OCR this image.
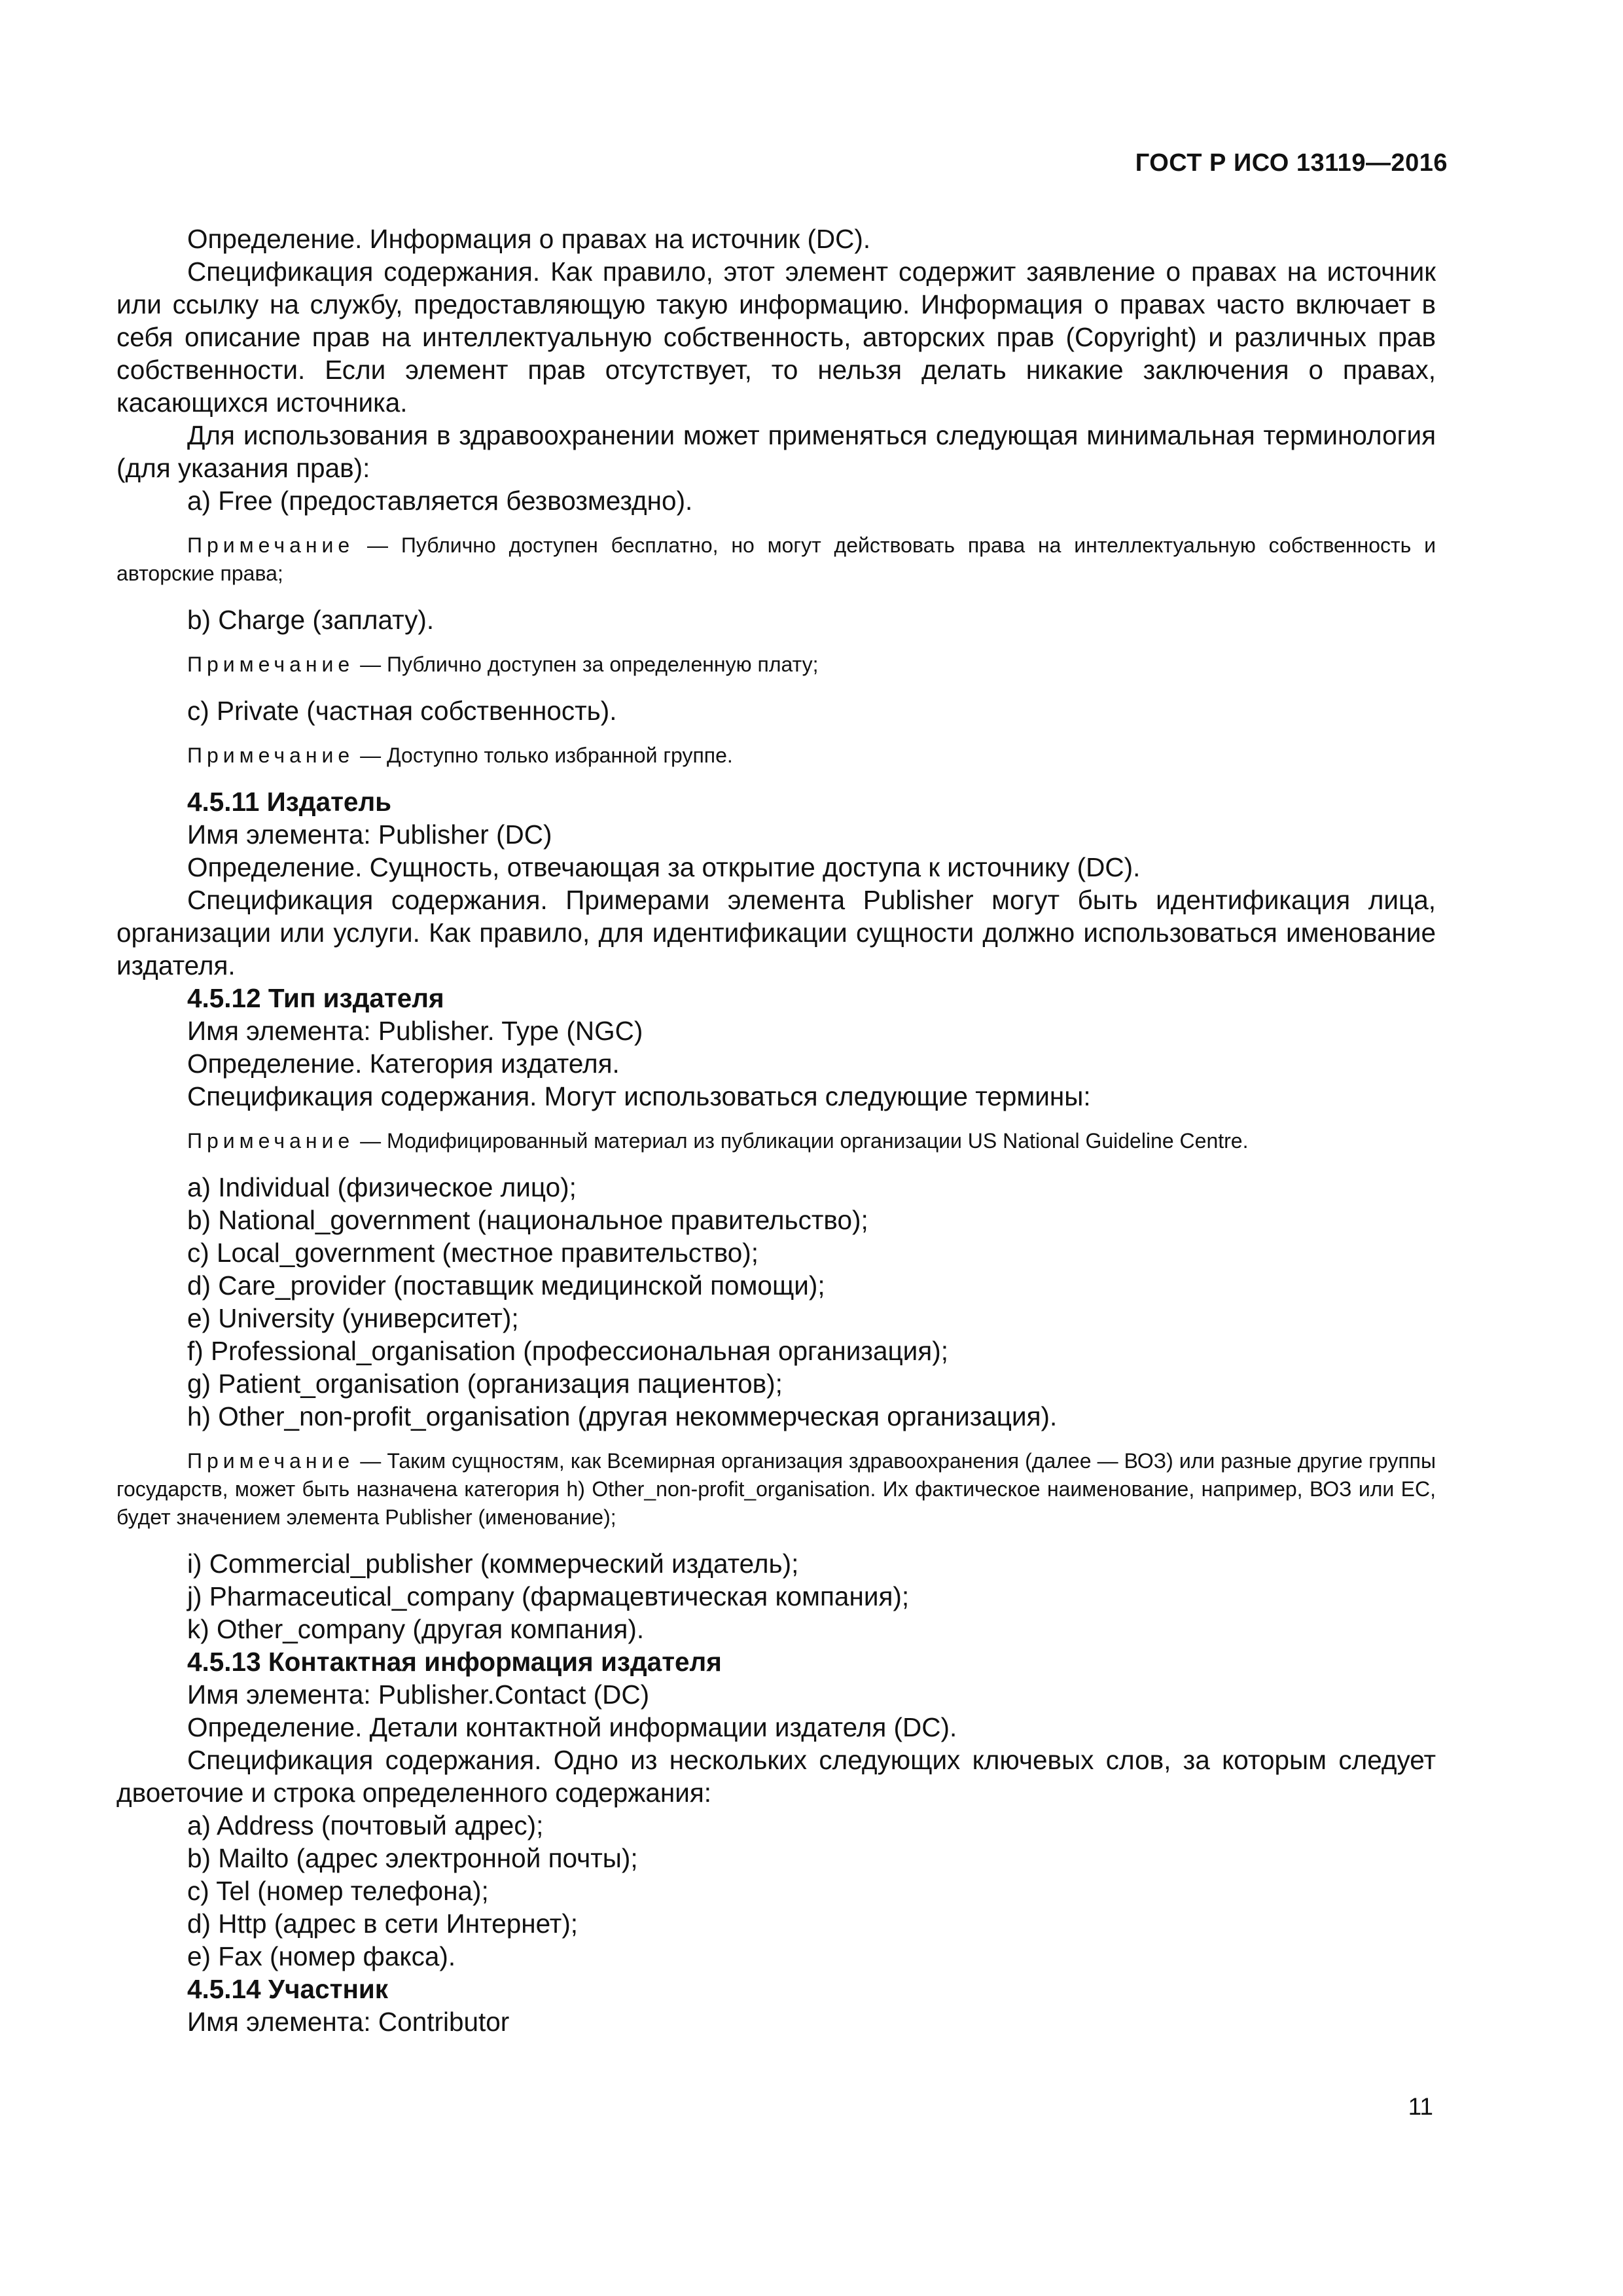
ГОСТ Р ИСО 13119—2016

Определение. Информация о правах на источник (DC).

Спецификация содержания. Как правило, этот элемент содержит заявление о правах на источник или ссылку на службу, предоставляющую такую информацию. Информация о правах часто включает в себя описание прав на интеллектуальную собственность, авторских прав (Copyright) и различных прав собственности. Если элемент прав отсутствует, то нельзя делать никакие заключения о правах, касающихся источника.

Для использования в здравоохранении может применяться следующая минимальная терминология (для указания прав):

a) Free (предоставляется безвозмездно).

Примечание — Публично доступен бесплатно, но могут действовать права на интеллектуальную собственность и авторские права;

b) Charge (заплату).

Примечание — Публично доступен за определенную плату;

c) Private (частная собственность).

Примечание — Доступно только избранной группе.

4.5.11 Издатель

Имя элемента: Publisher (DC)

Определение. Сущность, отвечающая за открытие доступа к источнику (DC).

Спецификация содержания. Примерами элемента Publisher могут быть идентификация лица, организации или услуги. Как правило, для идентификации сущности должно использоваться именование издателя.

4.5.12 Тип издателя

Имя элемента: Publisher. Type (NGC)

Определение. Категория издателя.

Спецификация содержания. Могут использоваться следующие термины:

Примечание — Модифицированный материал из публикации организации US National Guideline Centre.

a) Individual (физическое лицо);

b) National_government (национальное правительство);

c) Local_government (местное правительство);

d) Care_provider (поставщик медицинской помощи);

e) University (университет);

f) Professional_organisation (профессиональная организация);

g) Patient_organisation (организация пациентов);

h) Other_non-profit_organisation (другая некоммерческая организация).

Примечание — Таким сущностям, как Всемирная организация здравоохранения (далее — ВОЗ) или разные другие группы государств, может быть назначена категория h) Other_non-profit_organisation. Их фактическое наименование, например, ВОЗ или ЕС, будет значением элемента Publisher (именование);

i) Commercial_publisher (коммерческий издатель);

j) Pharmaceutical_company (фармацевтическая компания);

k) Other_company (другая компания).

4.5.13 Контактная информация издателя

Имя элемента: Publisher.Contact (DC)

Определение. Детали контактной информации издателя (DC).

Спецификация содержания. Одно из нескольких следующих ключевых слов, за которым следует двоеточие и строка определенного содержания:

a) Address (почтовый адрес);

b) Mailto (адрес электронной почты);

c) Tel (номер телефона);

d) Http (адрес в сети Интернет);

e) Fax (номер факса).

4.5.14 Участник

Имя элемента: Contributor

11
